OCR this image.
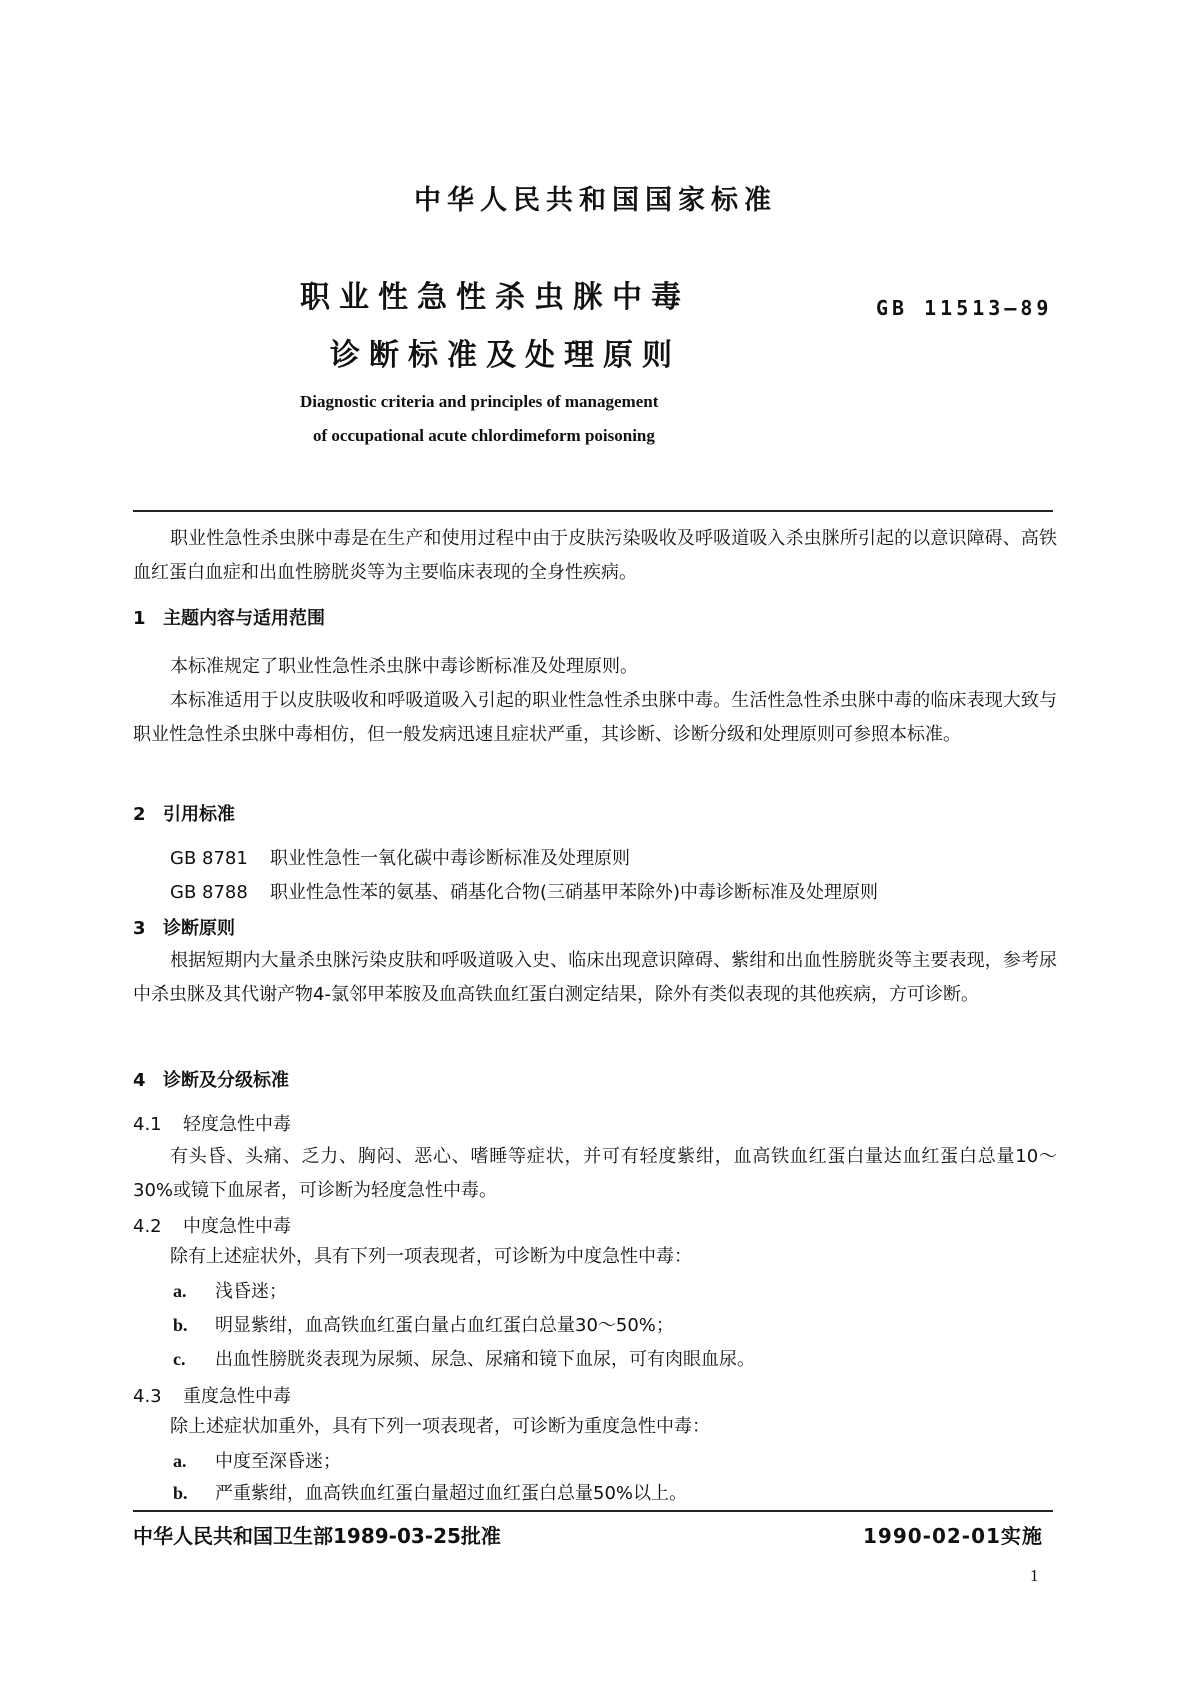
中华人民共和国国家标准
职业性急性杀虫脒中毒
诊断标准及处理原则
GB 11513—89
Diagnostic criteria and principles of management
of occupational acute chlordimeform poisoning
职业性急性杀虫脒中毒是在生产和使用过程中由于皮肤污染吸收及呼吸道吸入杀虫脒所引起的以意识障碍、高铁血红蛋白血症和出血性膀胱炎等为主要临床表现的全身性疾病。
1 主题内容与适用范围
本标准规定了职业性急性杀虫脒中毒诊断标准及处理原则。
本标准适用于以皮肤吸收和呼吸道吸入引起的职业性急性杀虫脒中毒。生活性急性杀虫脒中毒的临床表现大致与职业性急性杀虫脒中毒相仿，但一般发病迅速且症状严重，其诊断、诊断分级和处理原则可参照本标准。
2 引用标准
GB 8781 职业性急性一氧化碳中毒诊断标准及处理原则
GB 8788 职业性急性苯的氨基、硝基化合物(三硝基甲苯除外)中毒诊断标准及处理原则
3 诊断原则
根据短期内大量杀虫脒污染皮肤和呼吸道吸入史、临床出现意识障碍、紫绀和出血性膀胱炎等主要表现，参考尿中杀虫脒及其代谢产物4-氯邻甲苯胺及血高铁血红蛋白测定结果，除外有类似表现的其他疾病，方可诊断。
4 诊断及分级标准
4.1 轻度急性中毒
有头昏、头痛、乏力、胸闷、恶心、嗜睡等症状，并可有轻度紫绀，血高铁血红蛋白量达血红蛋白总量10～30%或镜下血尿者，可诊断为轻度急性中毒。
4.2 中度急性中毒
除有上述症状外，具有下列一项表现者，可诊断为中度急性中毒：
a. 浅昏迷；
b. 明显紫绀，血高铁血红蛋白量占血红蛋白总量30～50%；
c. 出血性膀胱炎表现为尿频、尿急、尿痛和镜下血尿，可有肉眼血尿。
4.3 重度急性中毒
除上述症状加重外，具有下列一项表现者，可诊断为重度急性中毒：
a. 中度至深昏迷；
b. 严重紫绀，血高铁血红蛋白量超过血红蛋白总量50%以上。
中华人民共和国卫生部1989-03-25批准	1990-02-01实施
1
